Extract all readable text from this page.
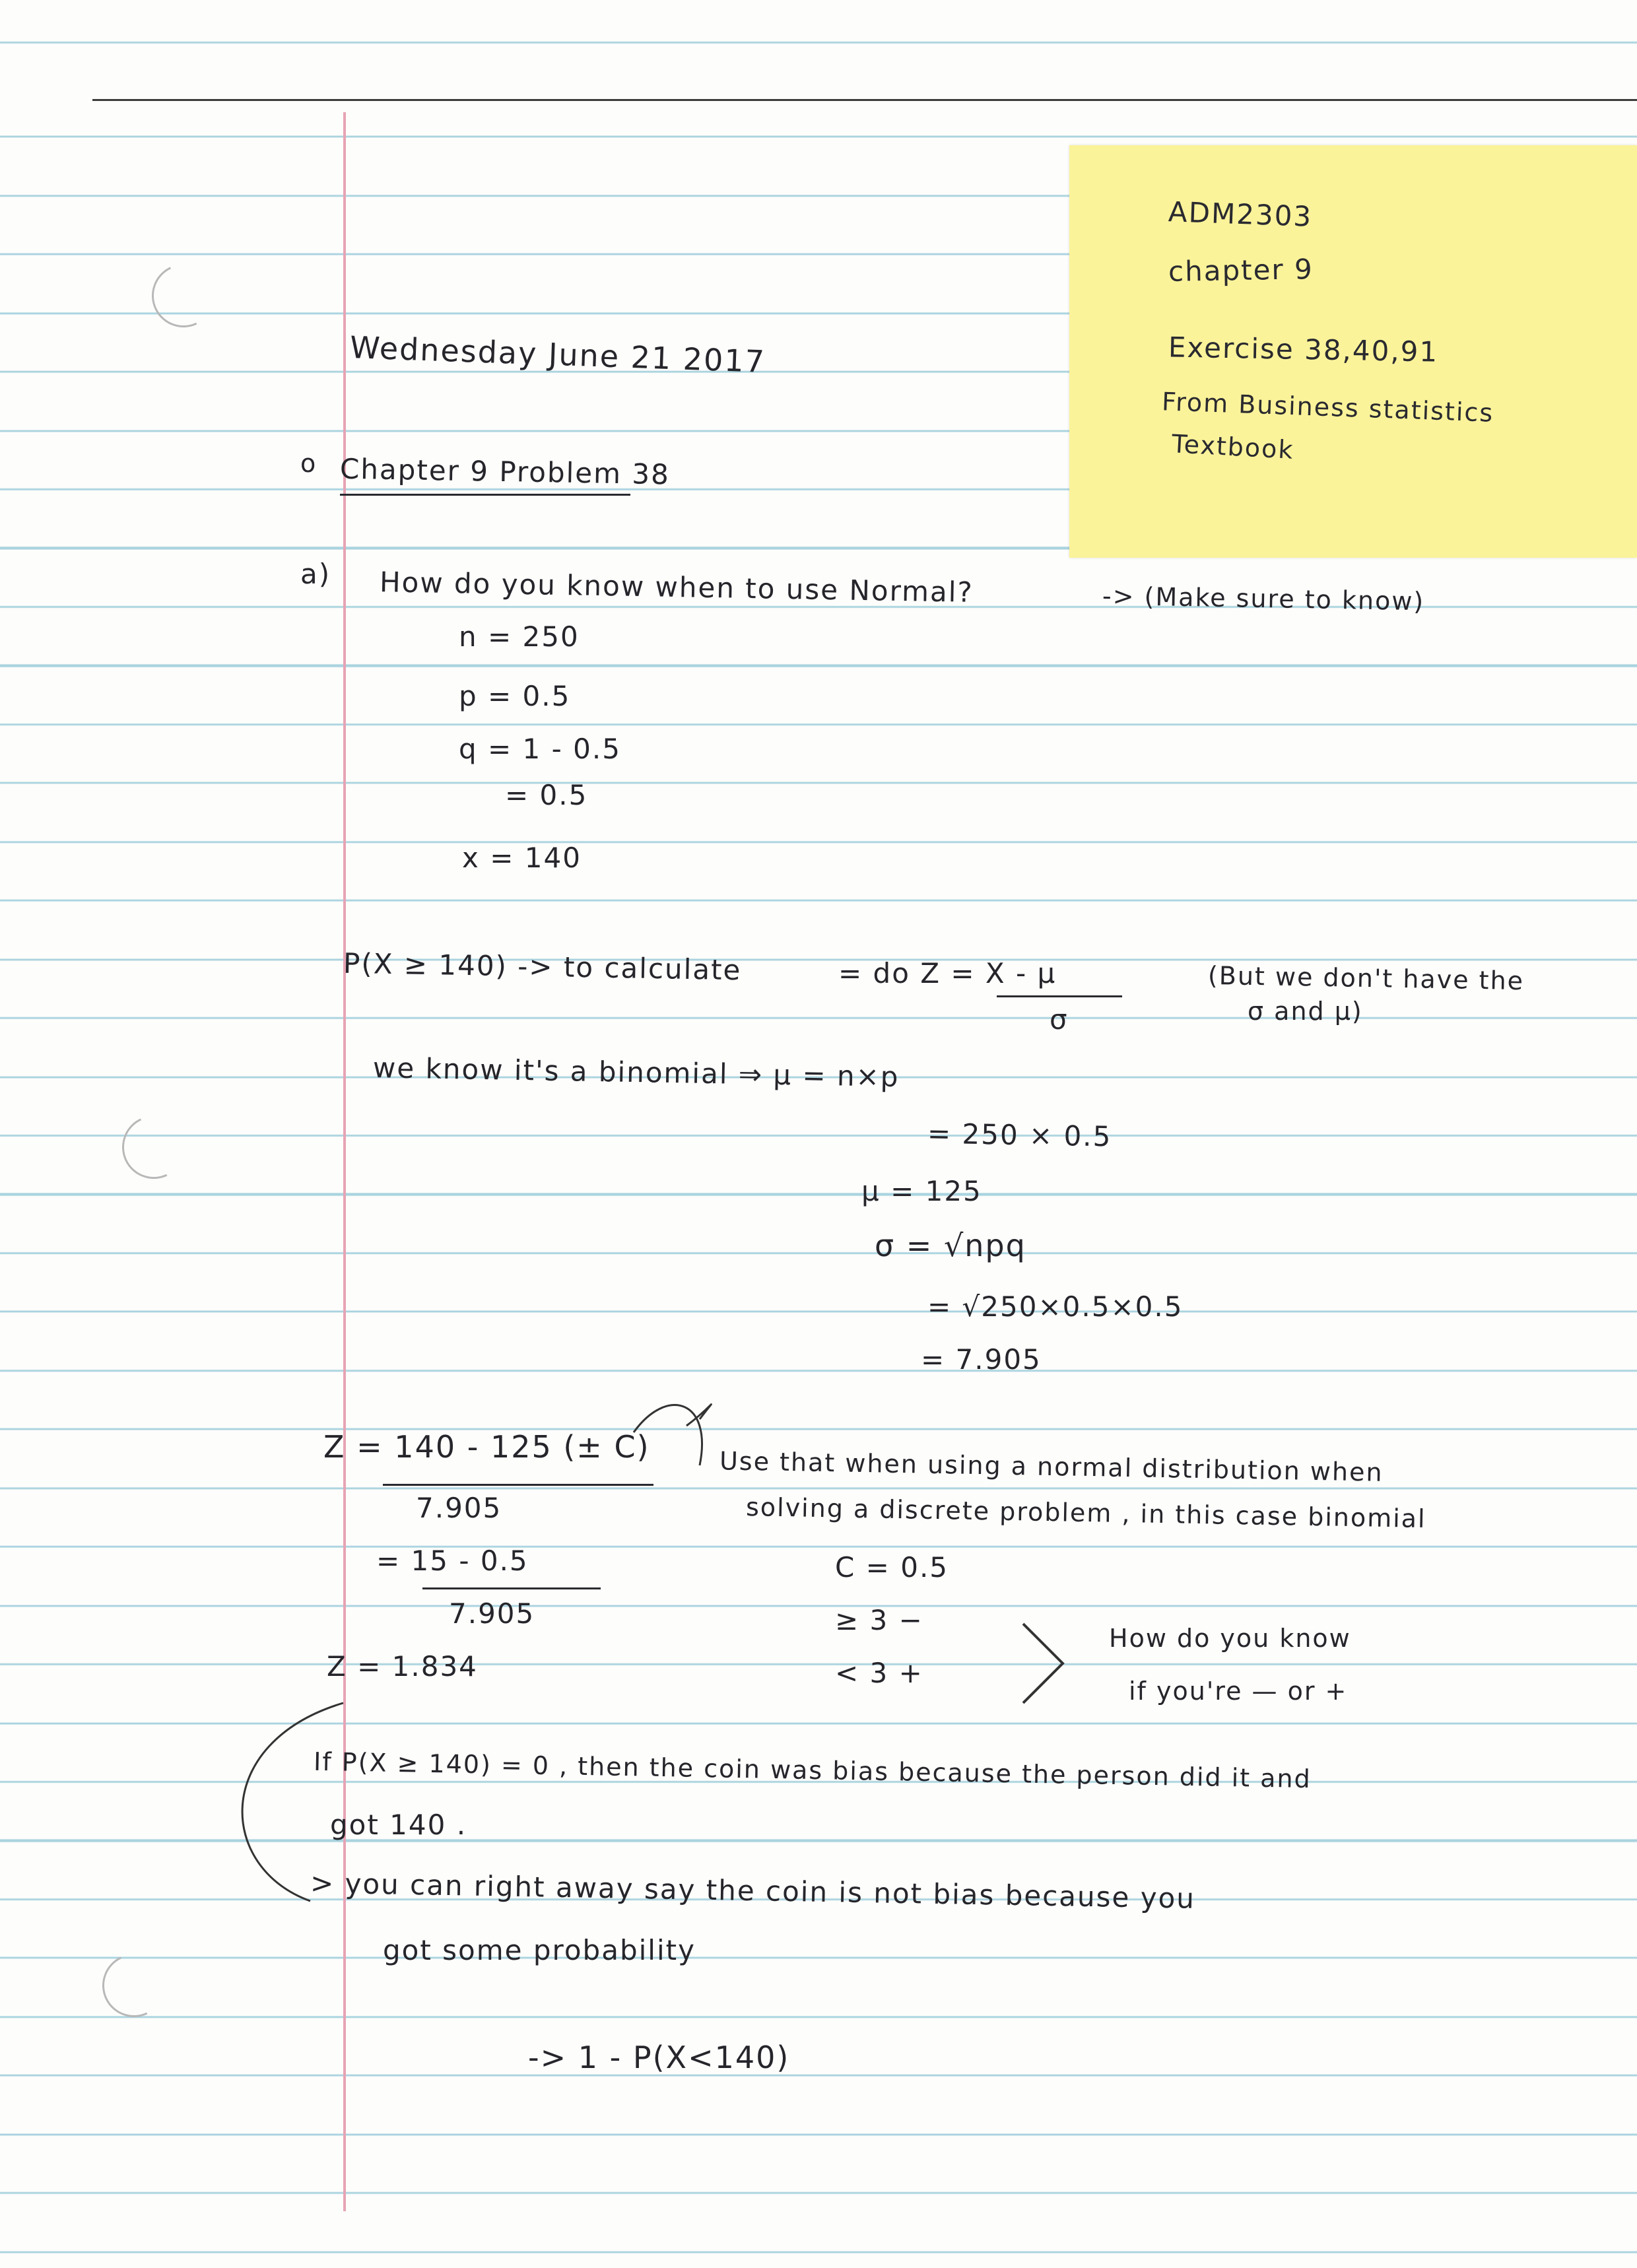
ADM2303
chapter 9
Exercise 38,40,91
From Business statistics
Textbook
Wednesday June 21 2017
o Chapter 9 Problem 38
a) How do you know when to use Normal?	-> (Make sure to know)
n = 250
p = 0.5
q = 1 - 0.5
= 0.5
x = 140
P(X ≥ 140) -> to calculate	= do Z = X - μ
σ
(But we don't have the
σ and μ)
we know it's a binomial ⇒ μ = n×p
= 250 × 0.5
μ = 125
σ = √npq
= √250×0.5×0.5
= 7.905
Z = 140 - 125 (± C)
7.905
= 15 - 0.5
7.905
Z = 1.834
Use that when using a normal distribution when
solving a discrete problem , in this case binomial
C = 0.5
≥ 3 −
< 3 +
How do you know
if you're — or +
If P(X ≥ 140) = 0 , then the coin was bias because the person did it and
got 140 .
> you can right away say the coin is not bias because you
got some probability
-> 1 - P(X<140)
